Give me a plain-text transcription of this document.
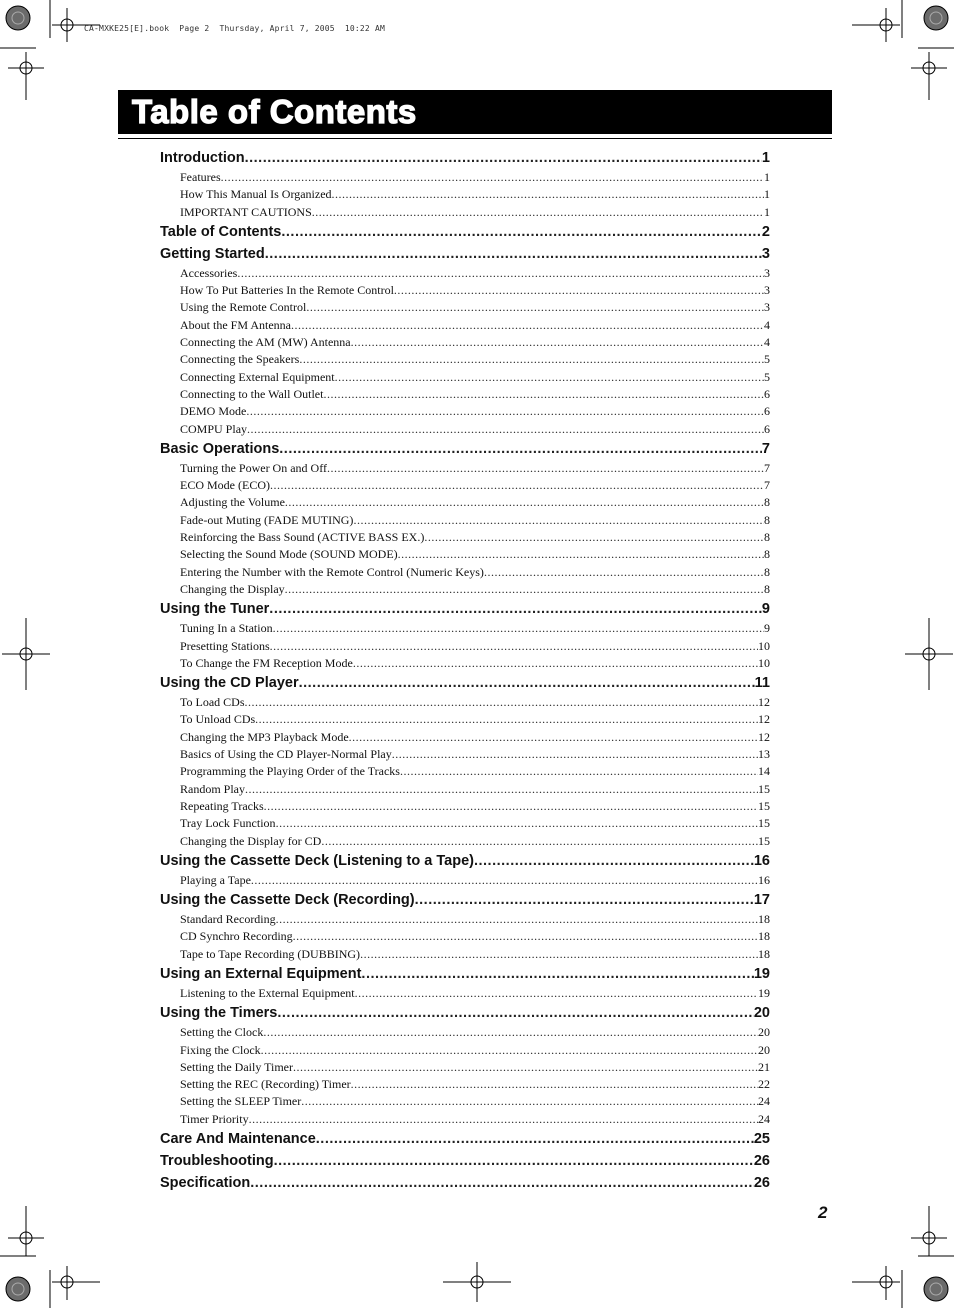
CA-MXKE25[E].book  Page 2  Thursday, April 7, 2005  10:22 AM
Table of Contents
Introduction .....	1
Features .....	1
How This Manual Is Organized .....	1
IMPORTANT CAUTIONS .....	1
Table of Contents .....	2
Getting Started .....	3
Accessories .....	3
How To Put Batteries In the Remote Control .....	3
Using the Remote Control .....	3
About the FM Antenna .....	4
Connecting the AM (MW) Antenna .....	4
Connecting the Speakers .....	5
Connecting External Equipment .....	5
Connecting to the Wall Outlet .....	6
DEMO Mode .....	6
COMPU Play .....	6
Basic Operations .....	7
Turning the Power On and Off .....	7
ECO Mode (ECO) .....	7
Adjusting the Volume .....	8
Fade-out Muting (FADE MUTING) .....	8
Reinforcing the Bass Sound (ACTIVE BASS EX.) .....	8
Selecting the Sound Mode (SOUND MODE) .....	8
Entering the Number with the Remote Control (Numeric Keys) .....	8
Changing the Display .....	8
Using the Tuner .....	9
Tuning In a Station .....	9
Presetting Stations .....	10
To Change the FM Reception Mode .....	10
Using the CD Player .....	11
To Load CDs .....	12
To Unload CDs .....	12
Changing the MP3 Playback Mode .....	12
Basics of Using the CD Player-Normal Play .....	13
Programming the Playing Order of the Tracks .....	14
Random Play .....	15
Repeating Tracks .....	15
Tray Lock Function .....	15
Changing the Display for CD .....	15
Using the Cassette Deck (Listening to a Tape) .....	16
Playing a Tape .....	16
Using the Cassette Deck (Recording) .....	17
Standard Recording .....	18
CD Synchro Recording .....	18
Tape to Tape Recording (DUBBING) .....	18
Using an External Equipment .....	19
Listening to the External Equipment .....	19
Using the Timers .....	20
Setting the Clock .....	20
Fixing the Clock .....	20
Setting the Daily Timer .....	21
Setting the REC (Recording) Timer .....	22
Setting the SLEEP Timer .....	24
Timer Priority .....	24
Care And Maintenance .....	25
Troubleshooting .....	26
Specification .....	26
2
